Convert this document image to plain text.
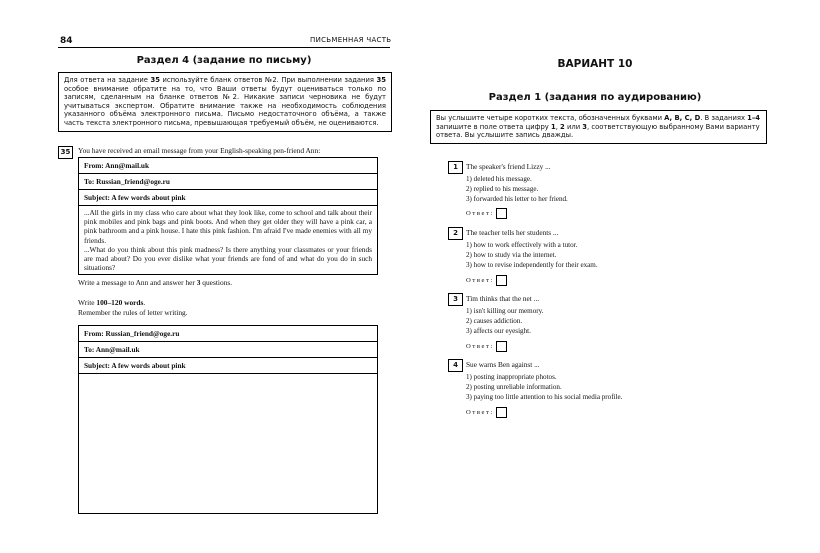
84	ПИСЬМЕННАЯ ЧАСТЬ
Раздел 4 (задание по письму)
Для ответа на задание 35 используйте бланк ответов №2. При выполнении задания 35 особое внимание обратите на то, что Ваши ответы будут оцениваться только по записям, сделанным на бланке ответов №2. Никакие записи черновика не будут учитываться экспертом. Обратите внимание также на необходимость соблюдения указанного объёма электронного письма. Письмо недостаточного объёма, а также часть текста электронного письма, превышающая требуемый объём, не оцениваются.
35	You have received an email message from your English-speaking pen-friend Ann:
From: Ann@mail.uk
To: Russian_friend@oge.ru
Subject: A few words about pink

...All the girls in my class who care about what they look like, come to school and talk about their pink mobiles and pink bags and pink boots. And when they get older they will have a pink car, a pink bathroom and a pink house. I hate this pink fashion. I'm afraid I've made enemies with all my friends.
...What do you think about this pink madness? Is there anything your classmates or your friends are mad about? Do you ever dislike what your friends are fond of and what do you do in such situations?
Write a message to Ann and answer her 3 questions.
Write 100–120 words.
Remember the rules of letter writing.
From: Russian_friend@oge.ru
To: Ann@mail.uk
Subject: A few words about pink

ВАРИАНТ 10
Раздел 1 (задания по аудированию)
Вы услышите четыре коротких текста, обозначенных буквами A, B, C, D. В заданиях 1–4 запишите в поле ответа цифру 1, 2 или 3, соответствующую выбранному Вами варианту ответа. Вы услышите запись дважды.
1	The speaker's friend Lizzy ...
1) deleted his message.
2) replied to his message.
3) forwarded his letter to her friend.
Ответ:
2	The teacher tells her students ...
1) how to work effectively with a tutor.
2) how to study via the internet.
3) how to revise independently for their exam.
Ответ:
3	Tim thinks that the net ...
1) isn't killing our memory.
2) causes addiction.
3) affects our eyesight.
Ответ:
4	Sue warns Ben against ...
1) posting inappropriate photos.
2) posting unreliable information.
3) paying too little attention to his social media profile.
Ответ:
